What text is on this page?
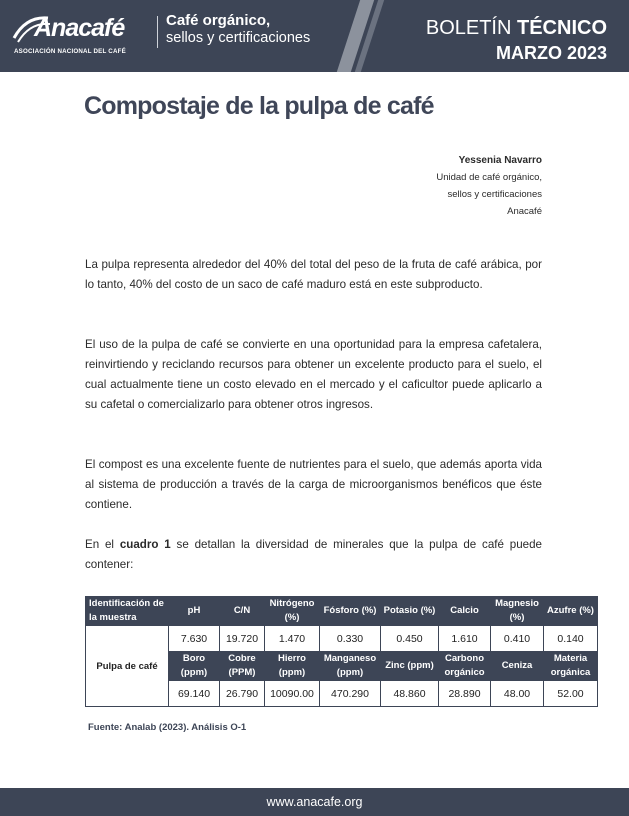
Anacafé
ASOCIACIÓN NACIONAL DEL CAFÉ
Café orgánico,
sellos y certificaciones	BOLETÍN TÉCNICO
MARZO 2023
Compostaje de la pulpa de café
Yessenia Navarro
Unidad de café orgánico,
sellos y certificaciones
Anacafé
La pulpa representa alrededor del 40% del total del peso de la fruta de café arábica, por lo tanto, 40% del costo de un saco de café maduro está en este subproducto.
El uso de la pulpa de café se convierte en una oportunidad para la empresa cafetalera, reinvirtiendo y reciclando recursos para obtener un excelente producto para el suelo, el cual actualmente tiene un costo elevado en el mercado y el caficultor puede aplicarlo a su cafetal o comercializarlo para obtener otros ingresos.
El compost es una excelente fuente de nutrientes para el suelo, que además aporta vida al sistema de producción a través de la carga de microorganismos benéficos que éste contiene.
En el cuadro 1 se detallan la diversidad de minerales que la pulpa de café puede contener:
Identificación de la muestra	pH	C/N	Nitrógeno (%)	Fósforo (%)	Potasio (%)	Calcio	Magnesio (%)	Azufre (%)
Pulpa de café	7.630	19.720	1.470	0.330	0.450	1.610	0.410	0.140
	Boro (ppm)	Cobre (PPM)	Hierro (ppm)	Manganeso (ppm)	Zinc (ppm)	Carbono orgánico	Ceniza	Materia orgánica
	69.140	26.790	10090.00	470.290	48.860	28.890	48.00	52.00
Fuente: Analab (2023). Análisis O-1
www.anacafe.org
